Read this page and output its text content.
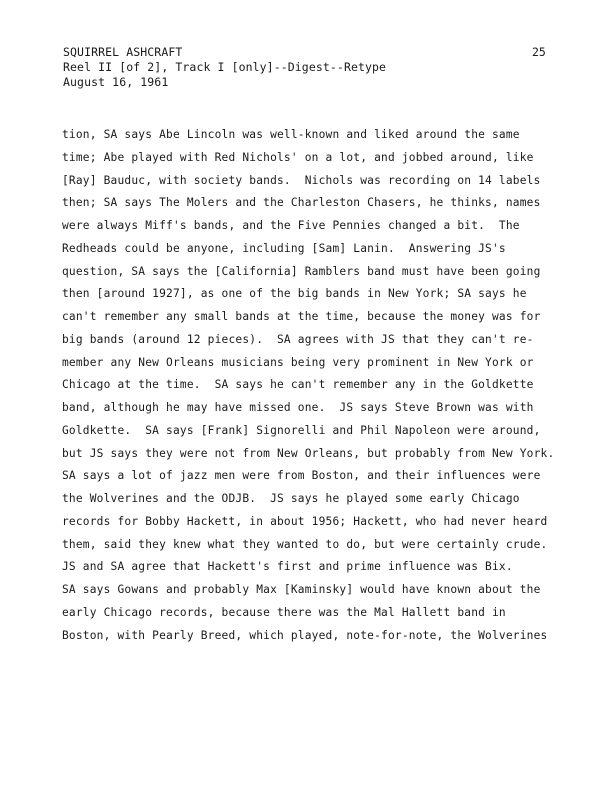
SQUIRREL ASHCRAFT
Reel II [of 2], Track I [only]--Digest--Retype
August 16, 1961
25
tion, SA says Abe Lincoln was well-known and liked around the same
time; Abe played with Red Nichols' on a lot, and jobbed around, like
[Ray] Bauduc, with society bands.  Nichols was recording on 14 labels
then; SA says The Molers and the Charleston Chasers, he thinks, names
were always Miff's bands, and the Five Pennies changed a bit.  The
Redheads could be anyone, including [Sam] Lanin.  Answering JS's
question, SA says the [California] Ramblers band must have been going
then [around 1927], as one of the big bands in New York; SA says he
can't remember any small bands at the time, because the money was for
big bands (around 12 pieces).  SA agrees with JS that they can't re-
member any New Orleans musicians being very prominent in New York or
Chicago at the time.  SA says he can't remember any in the Goldkette
band, although he may have missed one.  JS says Steve Brown was with
Goldkette.  SA says [Frank] Signorelli and Phil Napoleon were around,
but JS says they were not from New Orleans, but probably from New York.
SA says a lot of jazz men were from Boston, and their influences were
the Wolverines and the ODJB.  JS says he played some early Chicago
records for Bobby Hackett, in about 1956; Hackett, who had never heard
them, said they knew what they wanted to do, but were certainly crude.
JS and SA agree that Hackett's first and prime influence was Bix.
SA says Gowans and probably Max [Kaminsky] would have known about the
early Chicago records, because there was the Mal Hallett band in
Boston, with Pearly Breed, which played, note-for-note, the Wolverines
